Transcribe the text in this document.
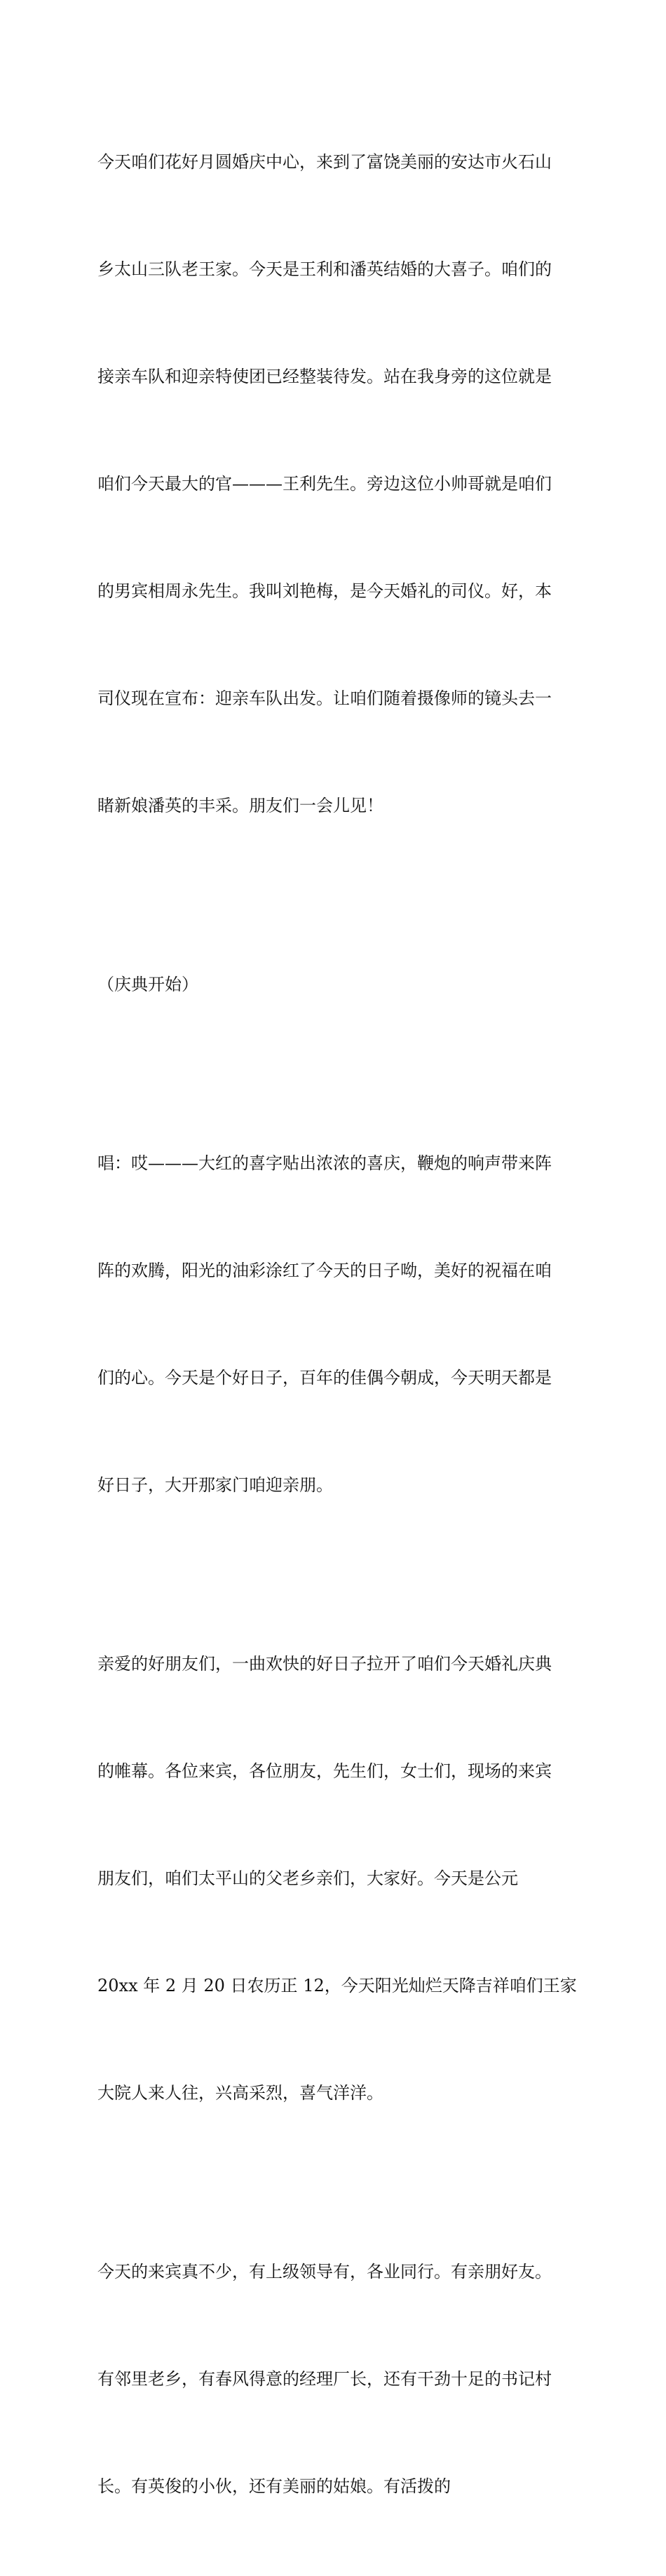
今天咱们花好月圆婚庆中心，来到了富饶美丽的安达市火石山

乡太山三队老王家。今天是王利和潘英结婚的大喜子。咱们的

接亲车队和迎亲特使团已经整装待发。站在我身旁的这位就是

咱们今天最大的官———王利先生。旁边这位小帅哥就是咱们

的男宾相周永先生。我叫刘艳梅，是今天婚礼的司仪。好，本

司仪现在宣布：迎亲车队出发。让咱们随着摄像师的镜头去一

睹新娘潘英的丰采。朋友们一会儿见！

（庆典开始）

唱：哎———大红的喜字贴出浓浓的喜庆，鞭炮的响声带来阵

阵的欢腾，阳光的油彩涂红了今天的日子呦，美好的祝福在咱

们的心。今天是个好日子，百年的佳偶今朝成，今天明天都是

好日子，大开那家门咱迎亲朋。

亲爱的好朋友们，一曲欢快的好日子拉开了咱们今天婚礼庆典

的帷幕。各位来宾，各位朋友，先生们，女士们，现场的来宾

朋友们，咱们太平山的父老乡亲们，大家好。今天是公元

20xx 年 2 月 20 日农历正 12，今天阳光灿烂天降吉祥咱们王家

大院人来人往，兴高采烈，喜气洋洋。

今天的来宾真不少，有上级领导有，各业同行。有亲朋好友。

有邻里老乡，有春风得意的经理厂长，还有干劲十足的书记村

长。有英俊的小伙，还有美丽的姑娘。有活拨的
